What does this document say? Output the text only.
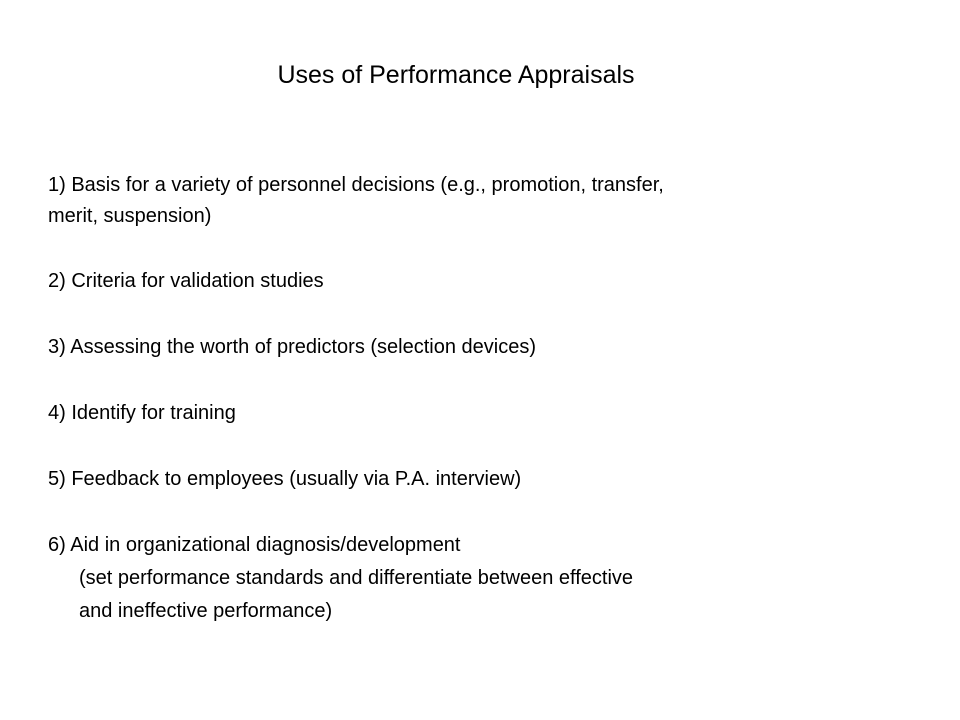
Uses of Performance Appraisals
1) Basis for a variety of personnel decisions (e.g., promotion, transfer,
merit, suspension)
2) Criteria for validation studies
3) Assessing the worth of predictors (selection devices)
4) Identify for training
5) Feedback to employees (usually via P.A. interview)
6) Aid in organizational diagnosis/development
(set performance standards and differentiate between effective
and ineffective performance)
